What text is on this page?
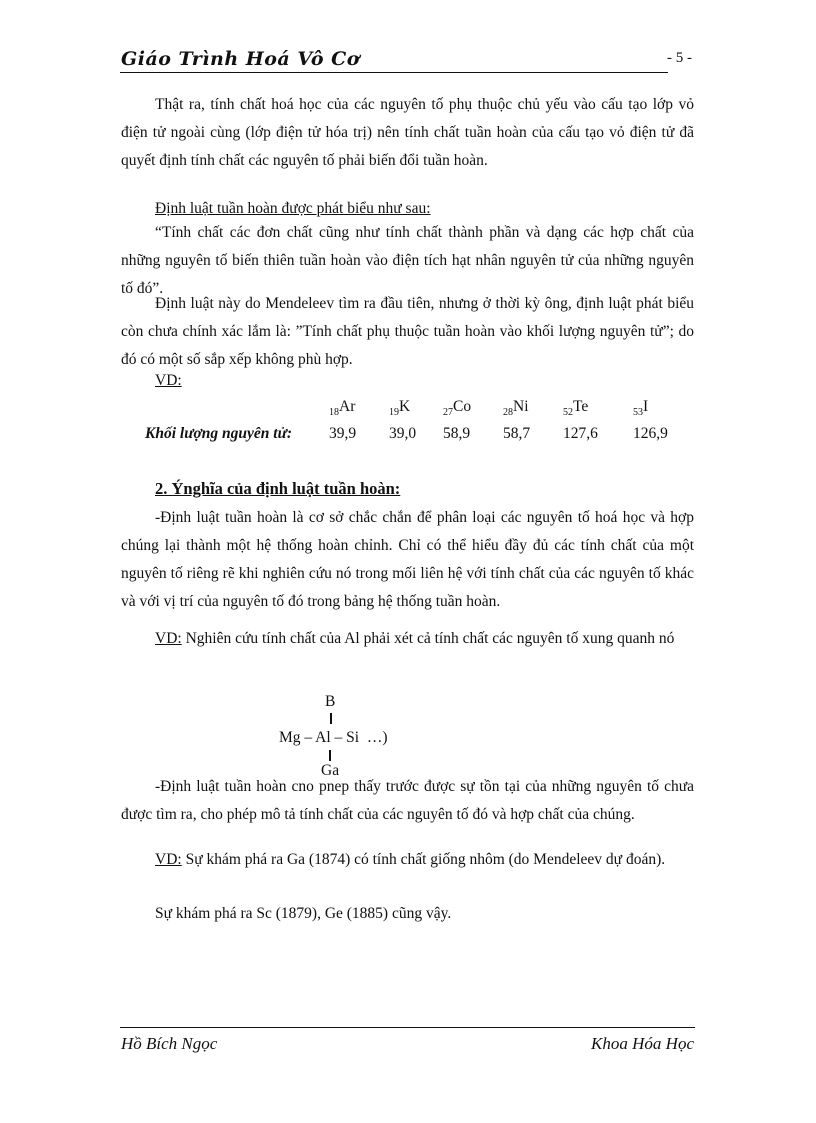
Giáo Trình Hoá Vô Cơ	- 5 -

Thật ra, tính chất hoá học của các nguyên tố phụ thuộc chủ yếu vào cấu tạo lớp vỏ điện tử ngoài cùng (lớp điện tử hóa trị) nên tính chất tuần hoàn của cấu tạo vỏ điện tử đã quyết định tính chất các nguyên tố phải biến đổi tuần hoàn.

Định luật tuần hoàn được phát biểu như sau:

“Tính chất các đơn chất cũng như tính chất thành phần và dạng các hợp chất của những nguyên tố biến thiên tuần hoàn vào điện tích hạt nhân nguyên tử của những nguyên tố đó”.

Định luật này do Mendeleev tìm ra đầu tiên, nhưng ở thời kỳ ông, định luật phát biểu còn chưa chính xác lắm là: ”Tính chất phụ thuộc tuần hoàn vào khối lượng nguyên tử”; do đó có một số sắp xếp không phù hợp.

VD:
	$_{18}$Ar	$_{19}$K	$_{27}$Co	$_{28}$Ni	$_{52}$Te	$_{53}$I
Khối lượng nguyên tử:	39,9	39,0	58,9	58,7	127,6	126,9
2. Ýnghĩa của định luật tuần hoàn:

-Định luật tuần hoàn là cơ sở chắc chắn để phân loại các nguyên tố hoá học và hợp chúng lại thành một hệ thống hoàn chỉnh. Chỉ có thể hiểu đầy đủ các tính chất của một nguyên tố riêng rẽ khi nghiên cứu nó trong mối liên hệ với tính chất của các nguyên tố khác và với vị trí của nguyên tố đó trong bảng hệ thống tuần hoàn.

VD: Nghiên cứu tính chất của Al phải xét cả tính chất các nguyên tố xung quanh nó

B
Mg – Al – Si  …)
Ga

-Định luật tuần hoàn cno pnep thấy trước được sự tồn tại của những nguyên tố chưa được tìm ra, cho phép mô tả tính chất của các nguyên tố đó và hợp chất của chúng.

VD: Sự khám phá ra Ga (1874) có tính chất giống nhôm (do Mendeleev dự đoán).

Sự khám phá ra Sc (1879), Ge (1885) cũng vậy.

Hồ Bích Ngọc	Khoa Hóa Học
